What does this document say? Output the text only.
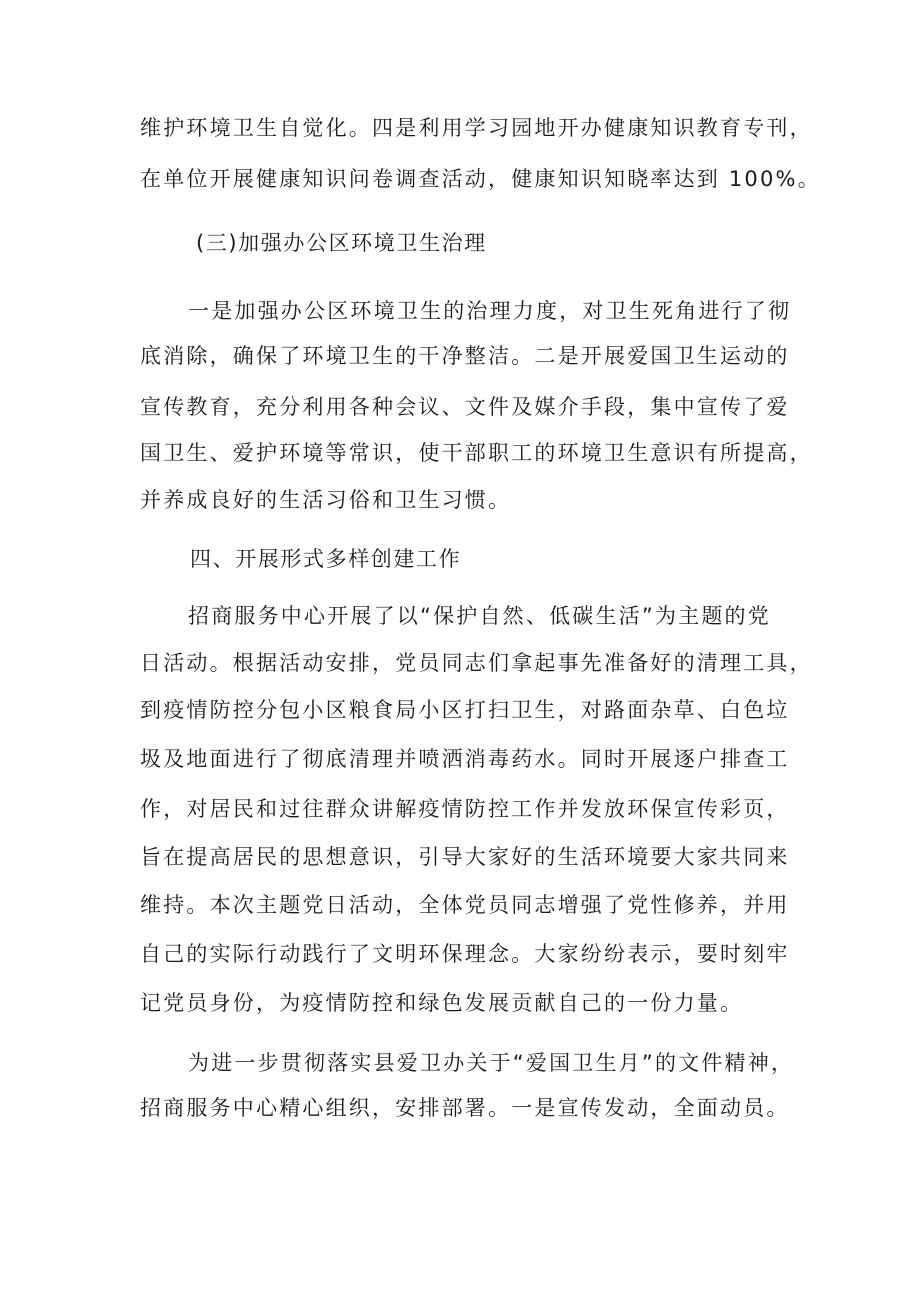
维护环境卫生自觉化。四是利用学习园地开办健康知识教育专刊，
在单位开展健康知识问卷调查活动，健康知识知晓率达到 100%。
(三)加强办公区环境卫生治理
一是加强办公区环境卫生的治理力度，对卫生死角进行了彻
底消除，确保了环境卫生的干净整洁。二是开展爱国卫生运动的
宣传教育，充分利用各种会议、文件及媒介手段，集中宣传了爱
国卫生、爱护环境等常识，使干部职工的环境卫生意识有所提高，
并养成良好的生活习俗和卫生习惯。
四、开展形式多样创建工作
招商服务中心开展了以“保护自然、低碳生活”为主题的党
日活动。根据活动安排，党员同志们拿起事先准备好的清理工具，
到疫情防控分包小区粮食局小区打扫卫生，对路面杂草、白色垃
圾及地面进行了彻底清理并喷洒消毒药水。同时开展逐户排查工
作，对居民和过往群众讲解疫情防控工作并发放环保宣传彩页，
旨在提高居民的思想意识，引导大家好的生活环境要大家共同来
维持。本次主题党日活动，全体党员同志增强了党性修养，并用
自己的实际行动践行了文明环保理念。大家纷纷表示，要时刻牢
记党员身份，为疫情防控和绿色发展贡献自己的一份力量。
为进一步贯彻落实县爱卫办关于“爱国卫生月”的文件精神，
招商服务中心精心组织，安排部署。一是宣传发动，全面动员。
